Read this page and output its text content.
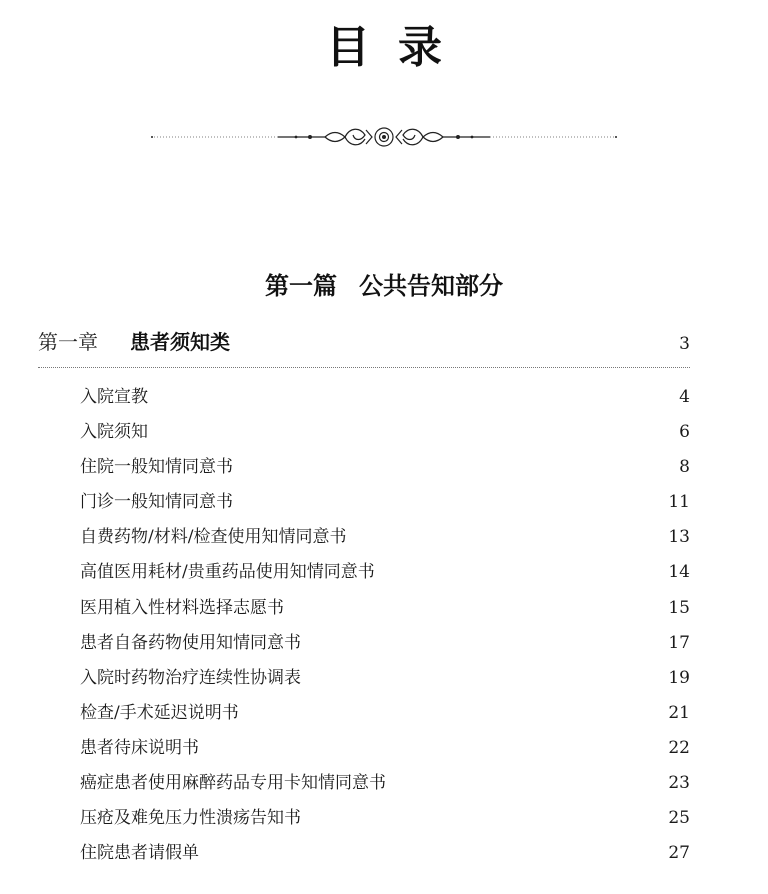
目录
第一篇 公共告知部分
第一章 患者须知类	3
入院宣教	4
入院须知	6
住院一般知情同意书	8
门诊一般知情同意书	11
自费药物/材料/检查使用知情同意书	13
高值医用耗材/贵重药品使用知情同意书	14
医用植入性材料选择志愿书	15
患者自备药物使用知情同意书	17
入院时药物治疗连续性协调表	19
检查/手术延迟说明书	21
患者待床说明书	22
癌症患者使用麻醉药品专用卡知情同意书	23
压疮及难免压力性溃疡告知书	25
住院患者请假单	27
